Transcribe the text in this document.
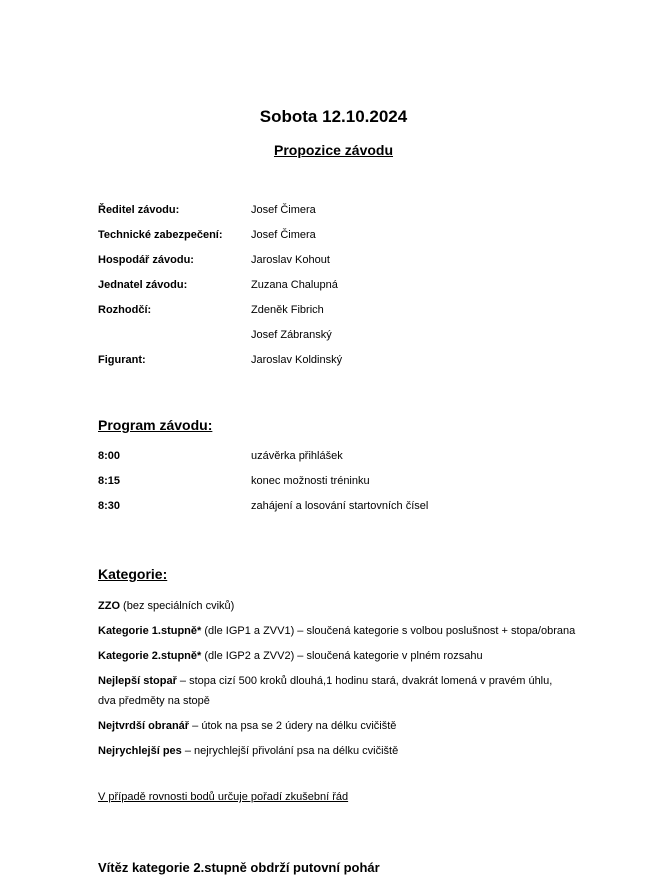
Sobota 12.10.2024
Propozice závodu
Ředitel závodu:	Josef Čimera
Technické zabezpečení:	Josef Čimera
Hospodář závodu:	Jaroslav Kohout
Jednatel závodu:	Zuzana Chalupná
Rozhodčí:	Zdeněk Fibrich
Josef Zábranský
Figurant:	Jaroslav Koldinský
Program závodu:
8:00	uzávěrka přihlášek
8:15	konec možnosti tréninku
8:30	zahájení a losování startovních čísel
Kategorie:
ZZO (bez speciálních cviků)
Kategorie 1.stupně* (dle IGP1 a ZVV1) – sloučená kategorie s volbou poslušnost + stopa/obrana
Kategorie 2.stupně* (dle IGP2 a ZVV2) – sloučená kategorie v plném rozsahu
Nejlepší stopař – stopa cizí 500 kroků dlouhá,1 hodinu stará, dvakrát lomená v pravém úhlu, dva předměty na stopě
Nejtvrdší obranář – útok na psa se 2 údery na délku cvičiště
Nejrychlejší pes – nejrychlejší přivolání psa na délku cvičiště
V případě rovnosti bodů určuje pořadí zkušební řád
Vítěz kategorie 2.stupně obdrží putovní pohár
